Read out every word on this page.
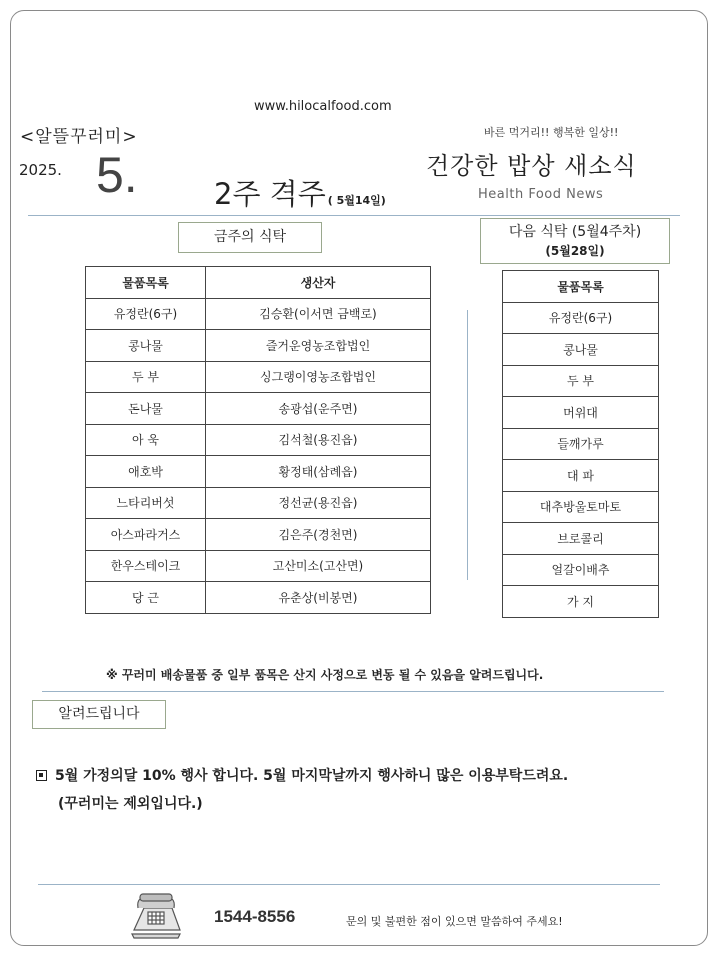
www.hilocalfood.com
<알뜰꾸러미>
2025. 5.	2주 격주 ( 5월14일)
바른 먹거리!! 행복한 일상!!
건강한 밥상 새소식
Health Food News
금주의 식탁	다음 식탁 (5월4주차)
(5월28일)
물품목록	생산자
유정란(6구)	김승환(이서면 금백로)
콩나물	즐거운영농조합법인
두 부	싱그랭이영농조합법인
돈나물	송광섭(운주면)
아 욱	김석철(용진읍)
애호박	황정태(삼례읍)
느타리버섯	정선균(용진읍)
아스파라거스	김은주(경천면)
한우스테이크	고산미소(고산면)
당 근	유춘상(비봉면)
물품목록
유정란(6구)
콩나물
두 부
머위대
들깨가루
대 파
대추방울토마토
브로콜리
얼갈이배추
가 지
※ 꾸러미 배송물품 중 일부 품목은 산지 사정으로 변동 될 수 있음을 알려드립니다.
알려드립니다
5월 가정의달 10% 행사 합니다. 5월 마지막날까지 행사하니 많은 이용부탁드려요.
(꾸러미는 제외입니다.)
1544-8556	문의 및 불편한 점이 있으면 말씀하여 주세요!
